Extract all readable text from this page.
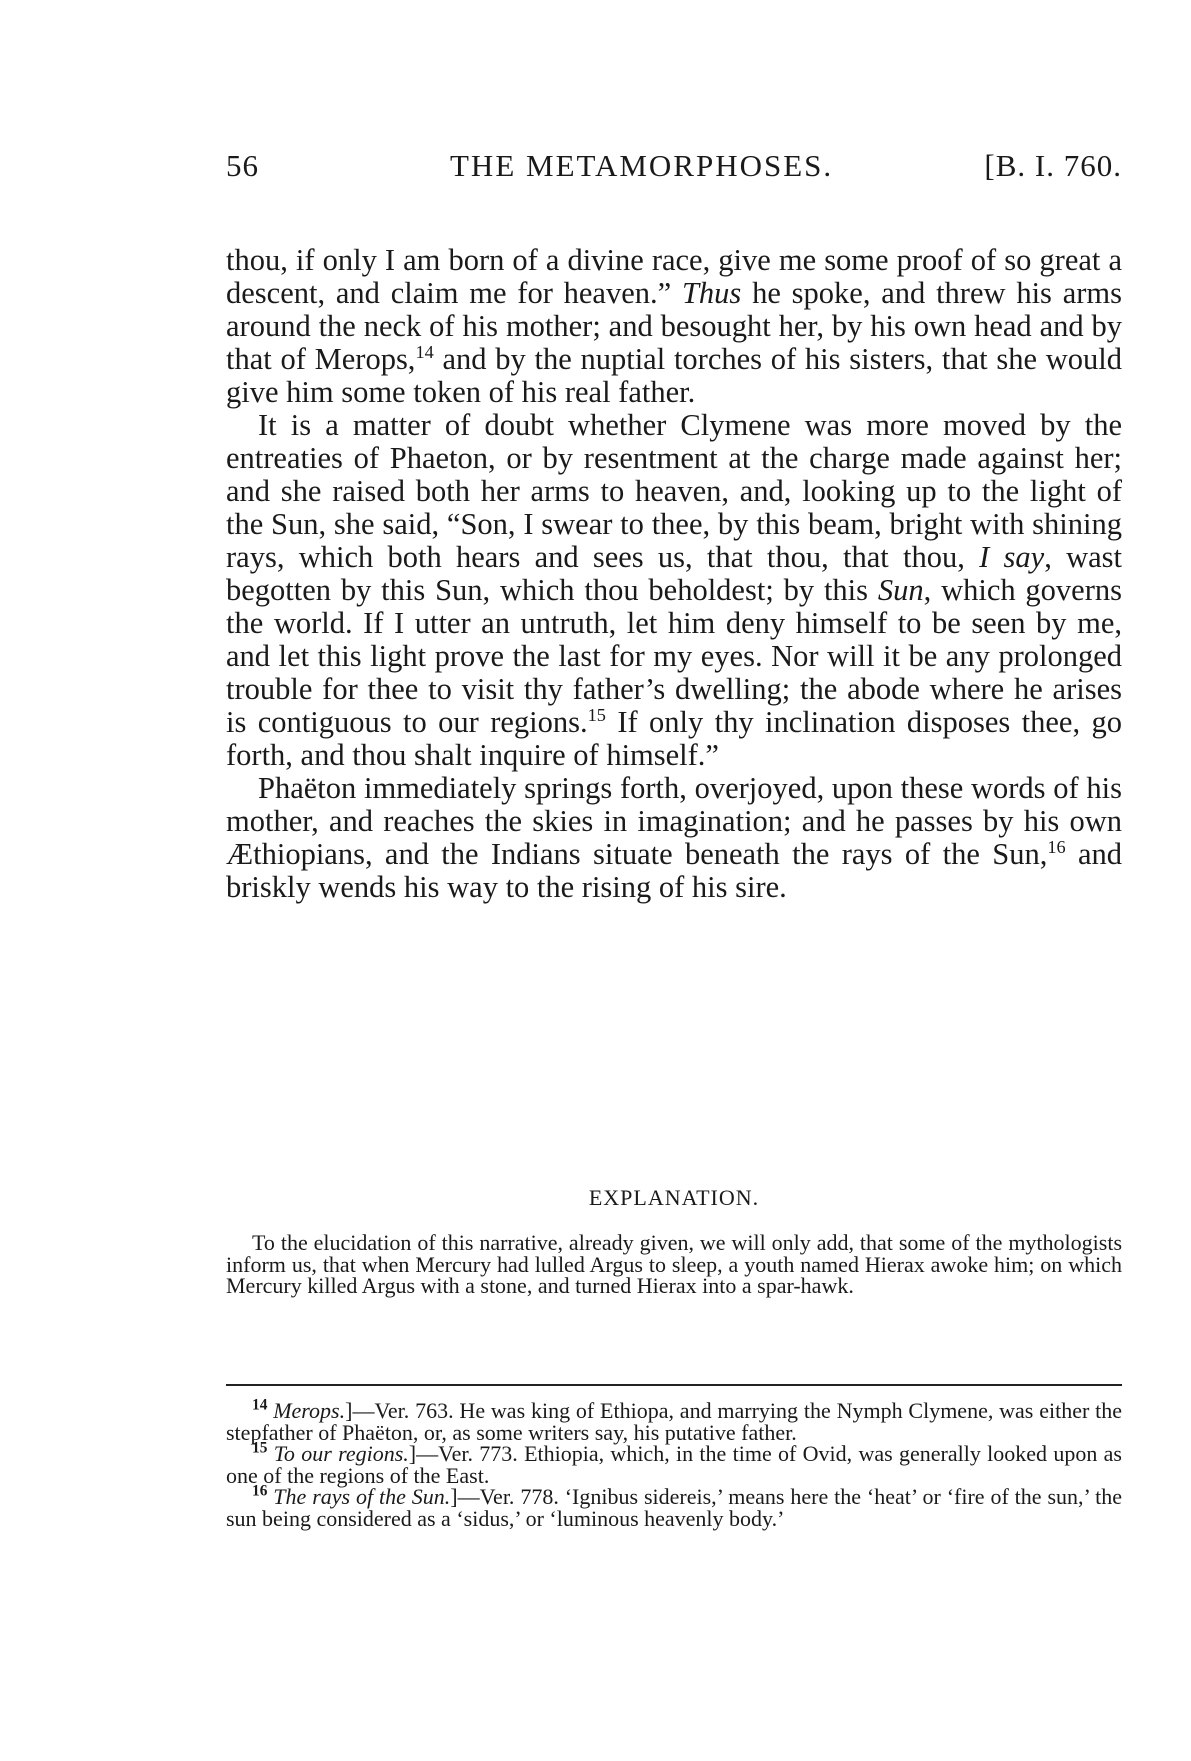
56	THE METAMORPHOSES.	[B. I. 760.

thou, if only I am born of a divine race, give me some proof of so great a descent, and claim me for heaven.” Thus he spoke, and threw his arms around the neck of his mother; and besought her, by his own head and by that of Merops,$^{14}$ and by the nuptial torches of his sisters, that she would give him some token of his real father.

It is a matter of doubt whether Clymene was more moved by the entreaties of Phaeton, or by resentment at the charge made against her; and she raised both her arms to heaven, and, looking up to the light of the Sun, she said, “Son, I swear to thee, by this beam, bright with shining rays, which both hears and sees us, that thou, that thou, I say, wast begotten by this Sun, which thou beholdest; by this Sun, which governs the world. If I utter an untruth, let him deny himself to be seen by me, and let this light prove the last for my eyes. Nor will it be any prolonged trouble for thee to visit thy father’s dwelling; the abode where he arises is contiguous to our regions.$^{15}$ If only thy inclination disposes thee, go forth, and thou shalt inquire of himself.”

Phaëton immediately springs forth, overjoyed, upon these words of his mother, and reaches the skies in imagination; and he passes by his own Æthiopians, and the Indians situate beneath the rays of the Sun,$^{16}$ and briskly wends his way to the rising of his sire.

EXPLANATION.
To the elucidation of this narrative, already given, we will only add, that some of the mythologists inform us, that when Mercury had lulled Argus to sleep, a youth named Hierax awoke him; on which Mercury killed Argus with a stone, and turned Hierax into a spar-hawk.

$^{14}$ Merops.]—Ver. 763. He was king of Ethiopa, and marrying the Nymph Clymene, was either the stepfather of Phaëton, or, as some writers say, his putative father.

$^{15}$ To our regions.]—Ver. 773. Ethiopia, which, in the time of Ovid, was generally looked upon as one of the regions of the East.

$^{16}$ The rays of the Sun.]—Ver. 778. ‘Ignibus sidereis,’ means here the ‘heat’ or ‘fire of the sun,’ the sun being considered as a ‘sidus,’ or ‘luminous heavenly body.’
